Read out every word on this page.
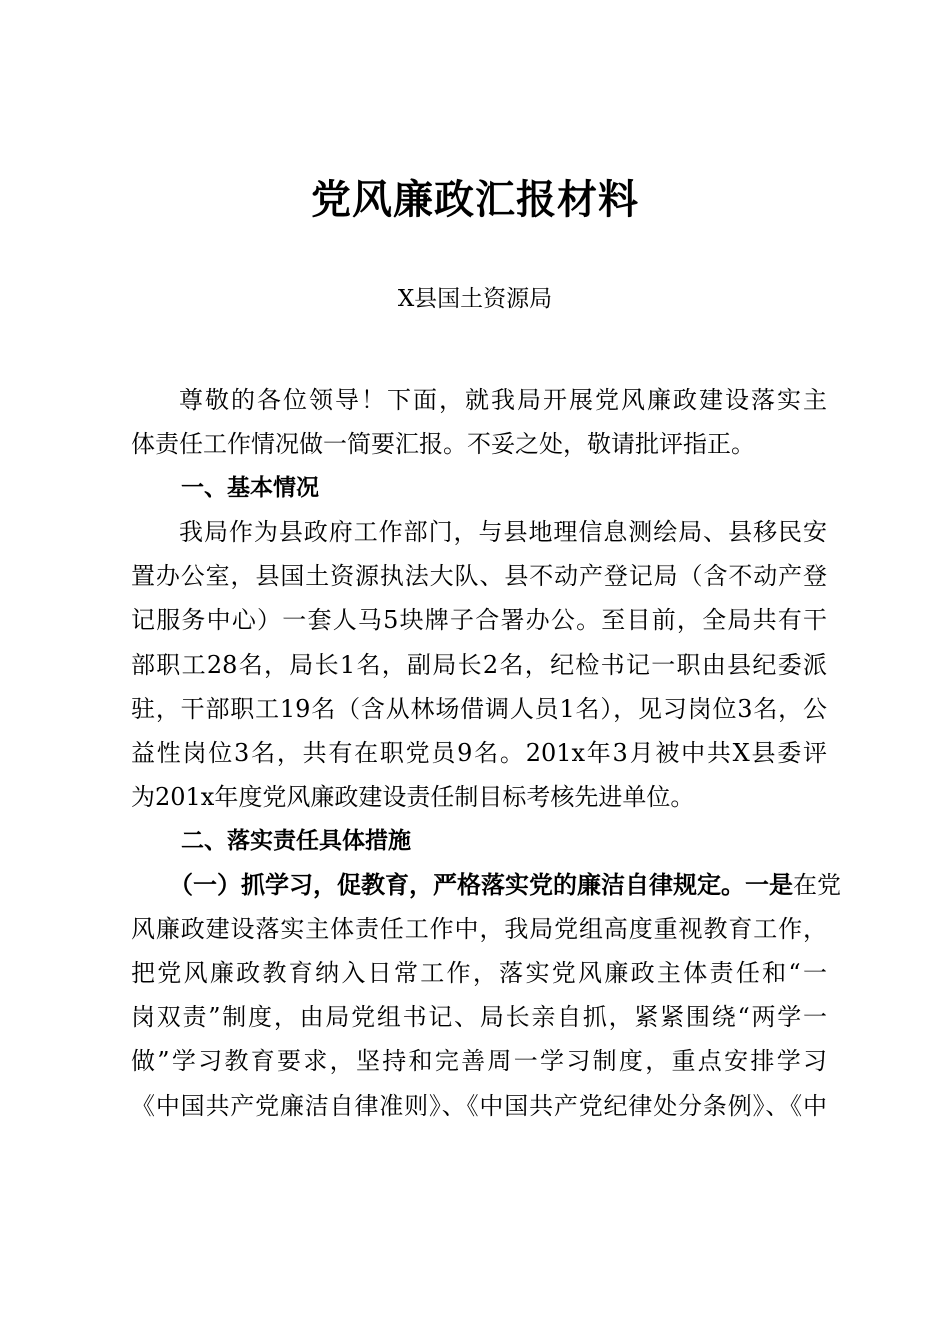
党风廉政汇报材料
X县国土资源局
尊敬的各位领导！下面，就我局开展党风廉政建设落实主
体责任工作情况做一简要汇报。不妥之处，敬请批评指正。
一、基本情况
我局作为县政府工作部门，与县地理信息测绘局、县移民安
置办公室，县国土资源执法大队、县不动产登记局（含不动产登
记服务中心）一套人马5块牌子合署办公。至目前，全局共有干
部职工28名，局长1名，副局长2名，纪检书记一职由县纪委派
驻，干部职工19名（含从林场借调人员1名），见习岗位3名，公
益性岗位3名，共有在职党员9名。201x年3月被中共X县委评
为201x年度党风廉政建设责任制目标考核先进单位。
二、落实责任具体措施
（一）抓学习，促教育，严格落实党的廉洁自律规定。一是在党
风廉政建设落实主体责任工作中，我局党组高度重视教育工作，
把党风廉政教育纳入日常工作，落实党风廉政主体责任和“一
岗双责”制度，由局党组书记、局长亲自抓，紧紧围绕“两学一
做”学习教育要求，坚持和完善周一学习制度，重点安排学习
《中国共产党廉洁自律准则》、《中国共产党纪律处分条例》、《中
